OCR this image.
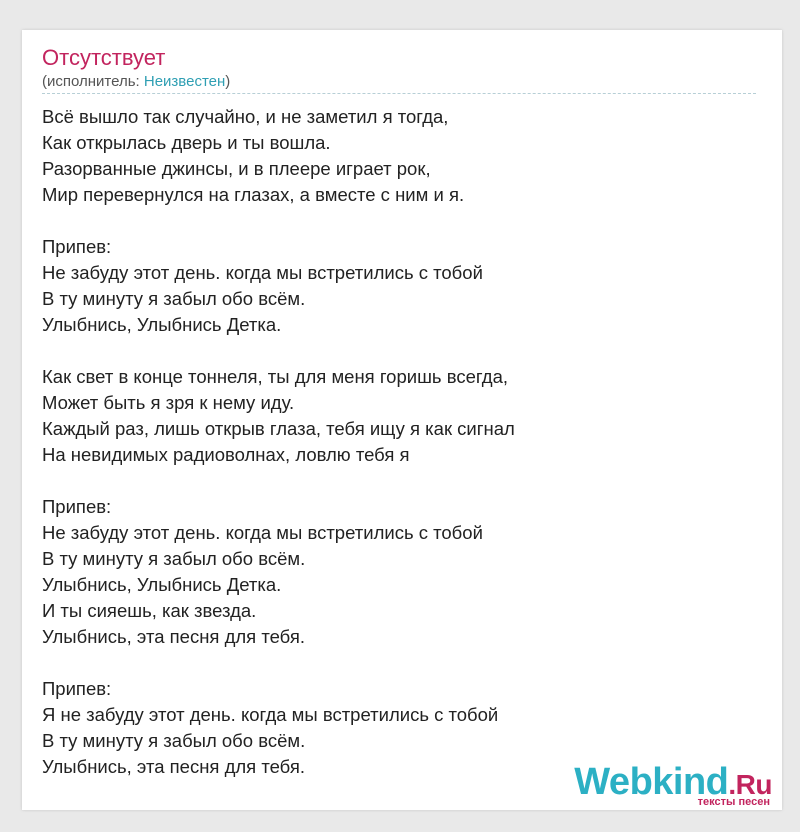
Отсутствует
(исполнитель: Неизвестен)
Всё вышло так случайно, и не заметил я тогда,
Как открылась дверь и ты вошла.
Разорванные джинсы, и в плеере играет рок,
Мир перевернулся на глазах, а вместе с ним и я.
Припев:
Не забуду этот день. когда мы встретились с тобой
В ту минуту я забыл обо всём.
Улыбнись, Улыбнись Детка.
Как свет в конце тоннеля, ты для меня горишь всегда,
Может быть я зря к нему иду.
Каждый раз, лишь открыв глаза, тебя ищу я как сигнал
На невидимых радиоволнах, ловлю тебя я
Припев:
Не забуду этот день. когда мы встретились с тобой
В ту минуту я забыл обо всём.
Улыбнись, Улыбнись Детка.
И ты сияешь, как звезда.
Улыбнись, эта песня для тебя.
Припев:
Я не забуду этот день. когда мы встретились с тобой
В ту минуту я забыл обо всём.
Улыбнись, эта песня для тебя.	Webkind.Ru
тексты песен
